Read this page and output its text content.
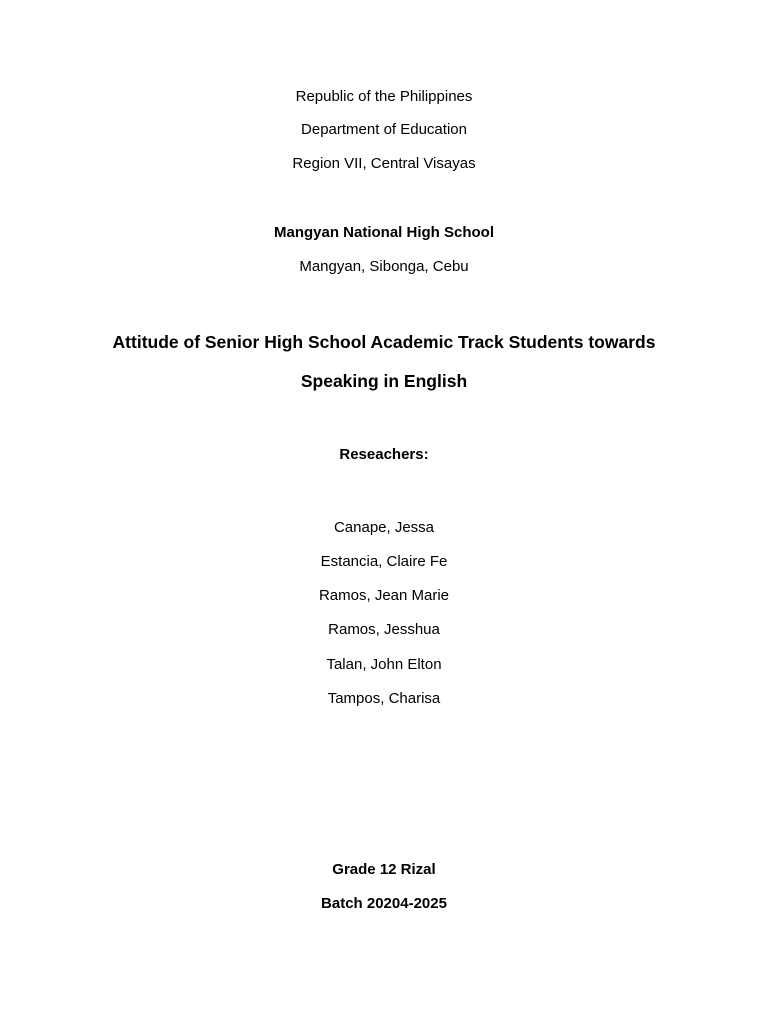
Republic of the Philippines
Department of Education
Region VII, Central Visayas
Mangyan National High School
Mangyan, Sibonga, Cebu
Attitude of Senior High School Academic Track Students towards
Speaking in English
Reseachers:
Canape, Jessa
Estancia, Claire Fe
Ramos, Jean Marie
Ramos, Jesshua
Talan, John Elton
Tampos, Charisa
Grade 12 Rizal
Batch 20204-2025
